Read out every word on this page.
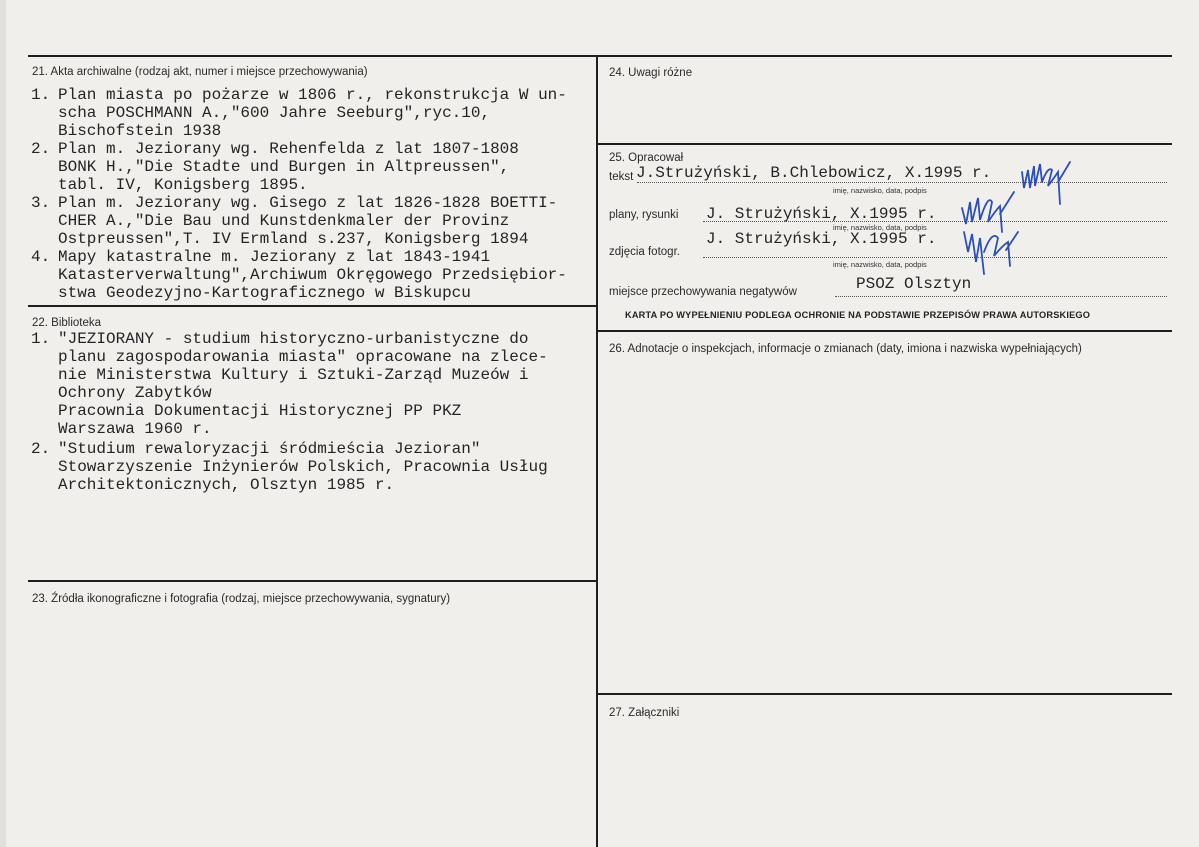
21. Akta archiwalne (rodzaj akt, numer i miejsce przechowywania)
1. Plan miasta po pożarze w 1806 r., rekonstrukcja W un-
scha POSCHMANN A.,"600 Jahre Seeburg",ryc.10,
Bischofstein 1938
2. Plan m. Jeziorany wg. Rehenfelda z lat 1807-1808
BONK H.,"Die Stadte und Burgen in Altpreussen",
tabl. IV, Konigsberg 1895.
3. Plan m. Jeziorany wg. Gisego z lat 1826-1828 BOETTI-
CHER A.,"Die Bau und Kunstdenkmaler der Provinz
Ostpreussen",T. IV Ermland s.237, Konigsberg 1894
4. Mapy katastralne m. Jeziorany z lat 1843-1941
Katasterverwaltung",Archiwum Okręgowego Przedsiębior-
stwa Geodezyjno-Kartograficznego w Biskupcu
22. Biblioteka
1. "JEZIORANY - studium historyczno-urbanistyczne do
planu zagospodarowania miasta" opracowane na zlece-
nie Ministerstwa Kultury i Sztuki-Zarząd Muzeów i
Ochrony Zabytków
Pracownia Dokumentacji Historycznej PP PKZ
Warszawa 1960 r.
2. "Studium rewaloryzacji śródmieścia Jezioran"
Stowarzyszenie Inżynierów Polskich, Pracownia Usług
Architektonicznych, Olsztyn 1985 r.
23. Źródła ikonograficzne i fotografia (rodzaj, miejsce przechowywania, sygnatury)
24. Uwagi różne
25. Opracował
tekst J.Strużyński, B.Chlebowicz, X.1995 r.
imię, nazwisko, data, podpis
plany, rysunki J. Strużyński, X.1995 r.
imię, nazwisko, data, podpis
zdjęcia fotogr.
J. Strużyński, X.1995 r.
imię, nazwisko, data, podpis
miejsce przechowywania negatywów	PSOZ Olsztyn
KARTA PO WYPEŁNIENIU PODLEGA OCHRONIE NA PODSTAWIE PRZEPISÓW PRAWA AUTORSKIEGO
26. Adnotacje o inspekcjach, informacje o zmianach (daty, imiona i nazwiska wypełniających)
27. Załączniki
